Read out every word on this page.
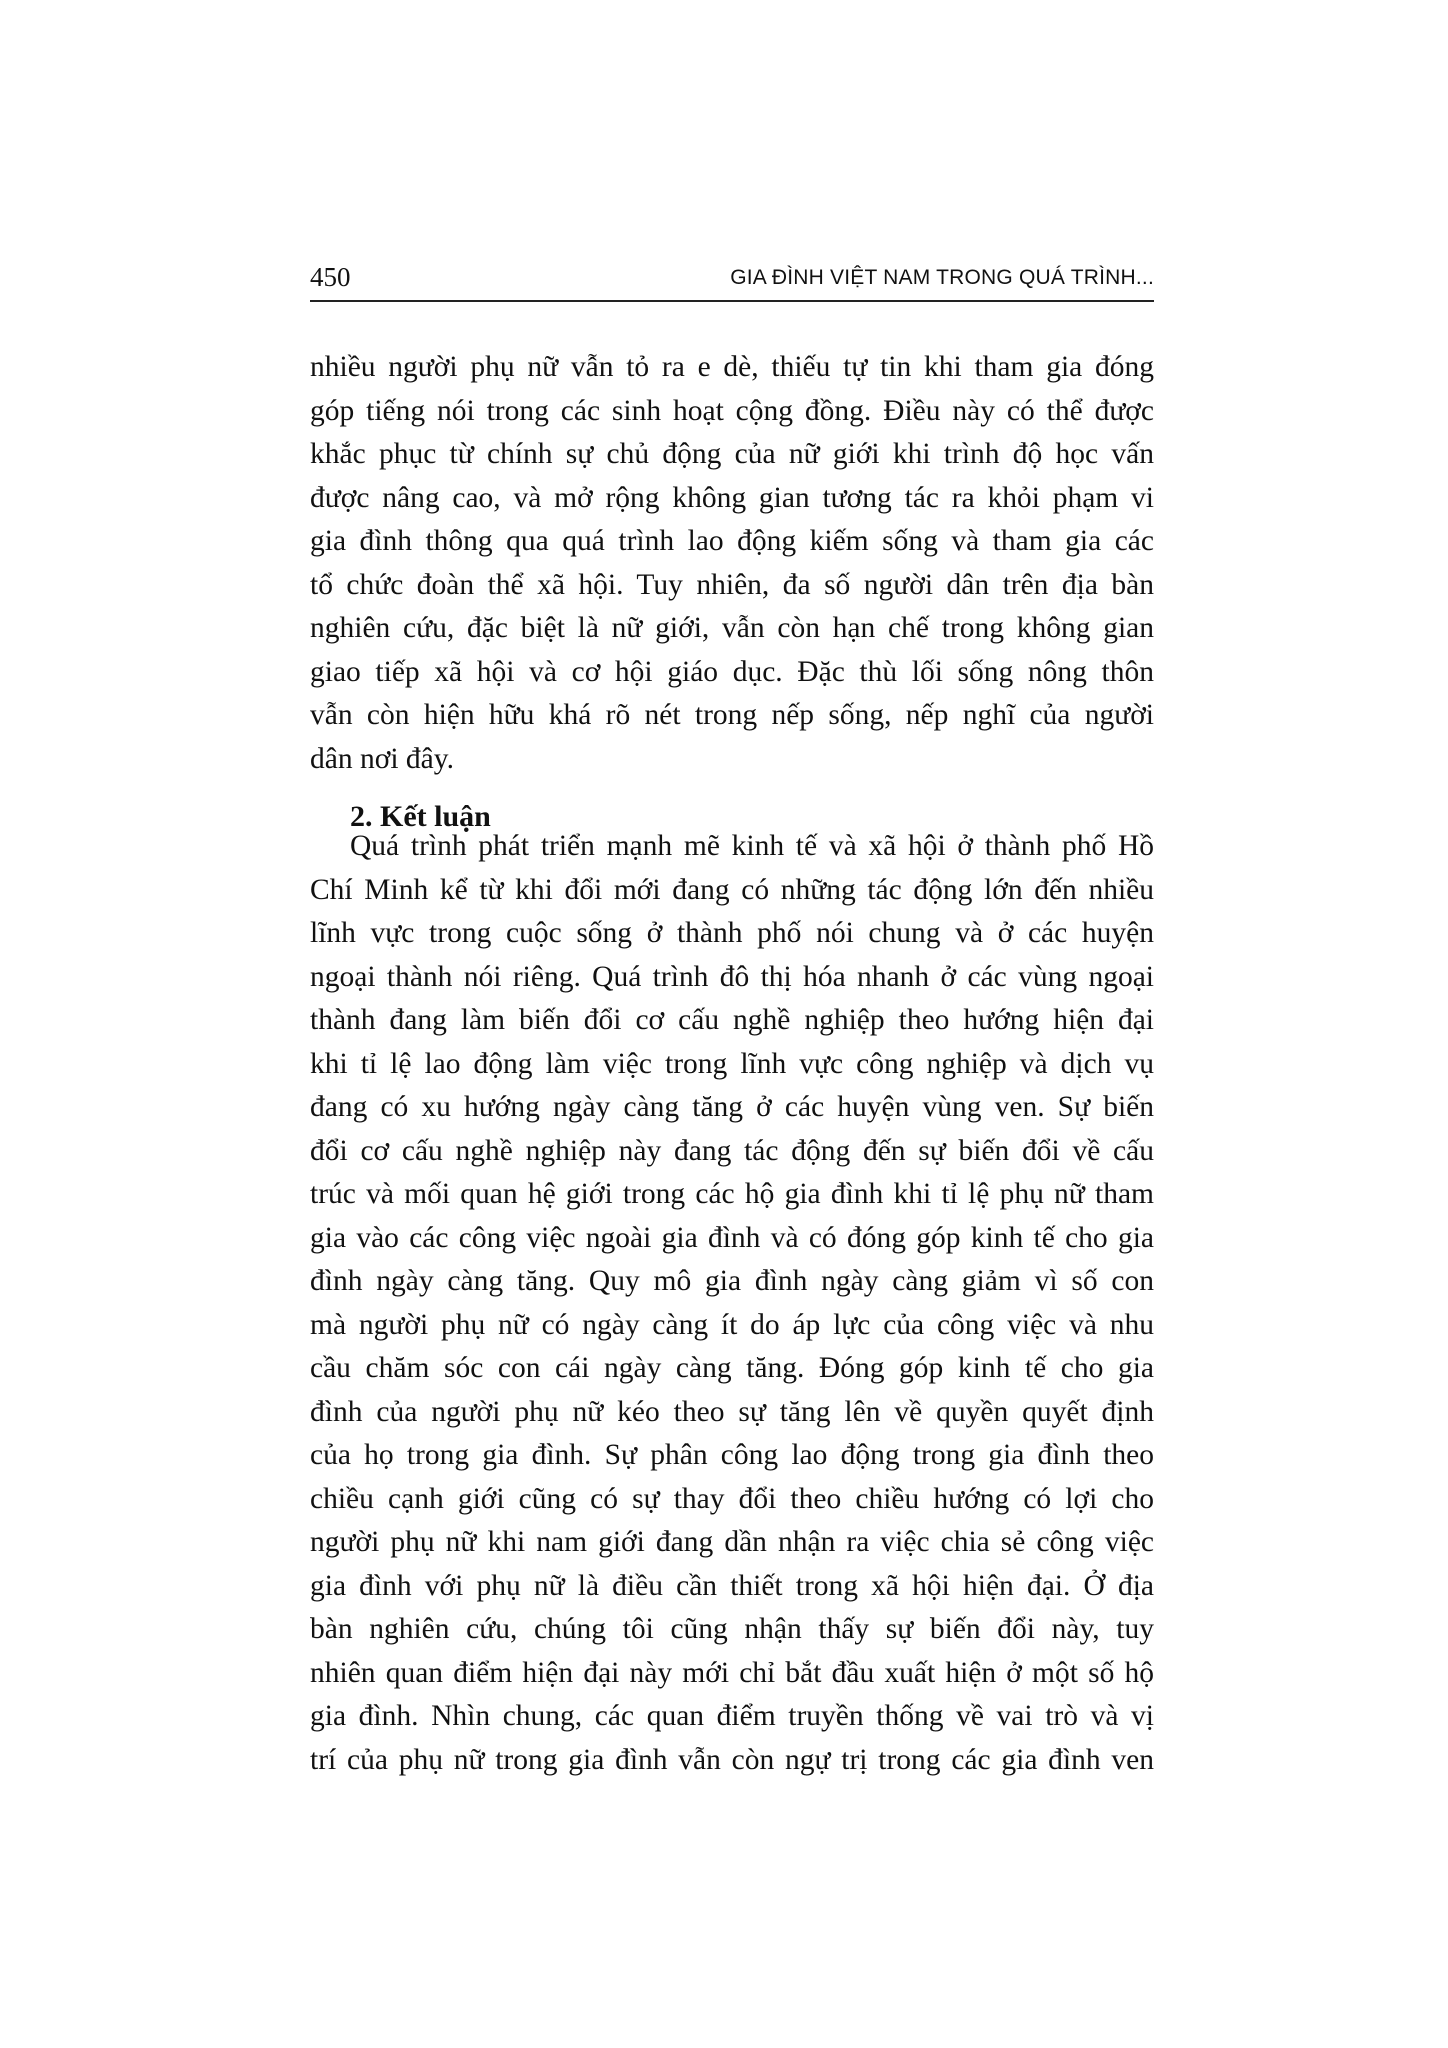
450	GIA ĐÌNH VIỆT NAM TRONG QUÁ TRÌNH...
nhiều người phụ nữ vẫn tỏ ra e dè, thiếu tự tin khi tham gia đóng
góp tiếng nói trong các sinh hoạt cộng đồng. Điều này có thể được
khắc phục từ chính sự chủ động của nữ giới khi trình độ học vấn
được nâng cao, và mở rộng không gian tương tác ra khỏi phạm vi
gia đình thông qua quá trình lao động kiếm sống và tham gia các
tổ chức đoàn thể xã hội. Tuy nhiên, đa số người dân trên địa bàn
nghiên cứu, đặc biệt là nữ giới, vẫn còn hạn chế trong không gian
giao tiếp xã hội và cơ hội giáo dục. Đặc thù lối sống nông thôn
vẫn còn hiện hữu khá rõ nét trong nếp sống, nếp nghĩ của người
dân nơi đây.
2. Kết luận
Quá trình phát triển mạnh mẽ kinh tế và xã hội ở thành phố Hồ
Chí Minh kể từ khi đổi mới đang có những tác động lớn đến nhiều
lĩnh vực trong cuộc sống ở thành phố nói chung và ở các huyện
ngoại thành nói riêng. Quá trình đô thị hóa nhanh ở các vùng ngoại
thành đang làm biến đổi cơ cấu nghề nghiệp theo hướng hiện đại
khi tỉ lệ lao động làm việc trong lĩnh vực công nghiệp và dịch vụ
đang có xu hướng ngày càng tăng ở các huyện vùng ven. Sự biến
đổi cơ cấu nghề nghiệp này đang tác động đến sự biến đổi về cấu
trúc và mối quan hệ giới trong các hộ gia đình khi tỉ lệ phụ nữ tham
gia vào các công việc ngoài gia đình và có đóng góp kinh tế cho gia
đình ngày càng tăng. Quy mô gia đình ngày càng giảm vì số con
mà người phụ nữ có ngày càng ít do áp lực của công việc và nhu
cầu chăm sóc con cái ngày càng tăng. Đóng góp kinh tế cho gia
đình của người phụ nữ kéo theo sự tăng lên về quyền quyết định
của họ trong gia đình. Sự phân công lao động trong gia đình theo
chiều cạnh giới cũng có sự thay đổi theo chiều hướng có lợi cho
người phụ nữ khi nam giới đang dần nhận ra việc chia sẻ công việc
gia đình với phụ nữ là điều cần thiết trong xã hội hiện đại. Ở địa
bàn nghiên cứu, chúng tôi cũng nhận thấy sự biến đổi này, tuy
nhiên quan điểm hiện đại này mới chỉ bắt đầu xuất hiện ở một số hộ
gia đình. Nhìn chung, các quan điểm truyền thống về vai trò và vị
trí của phụ nữ trong gia đình vẫn còn ngự trị trong các gia đình ven
